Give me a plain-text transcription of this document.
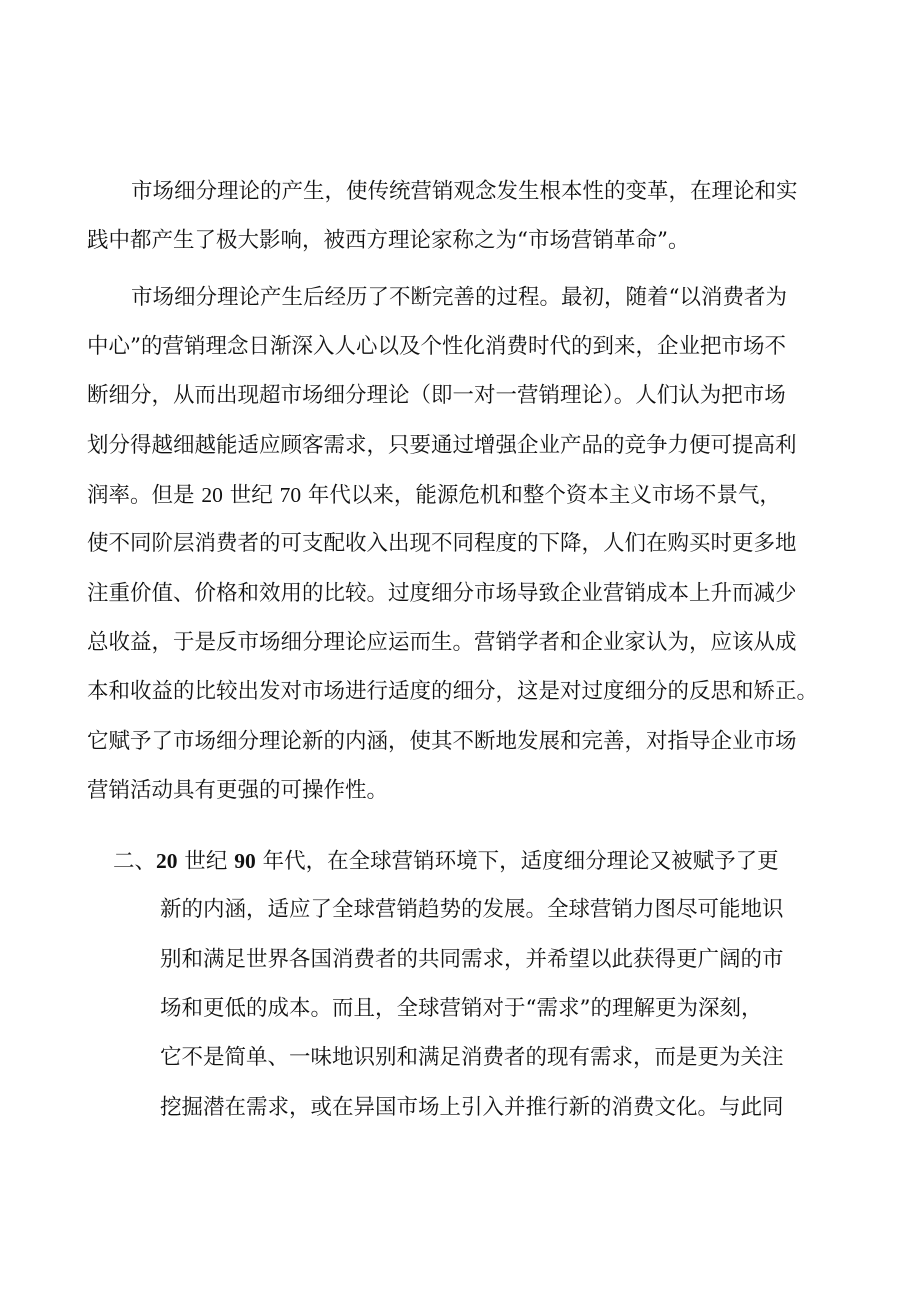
市场细分理论的产生，使传统营销观念发生根本性的变革，在理论和实
践中都产生了极大影响，被西方理论家称之为“市场营销革命”。
市场细分理论产生后经历了不断完善的过程。最初，随着“以消费者为
中心”的营销理念日渐深入人心以及个性化消费时代的到来，企业把市场不
断细分，从而出现超市场细分理论（即一对一营销理论）。人们认为把市场
划分得越细越能适应顾客需求，只要通过增强企业产品的竞争力便可提高利
润率。但是 20 世纪 70 年代以来，能源危机和整个资本主义市场不景气，
使不同阶层消费者的可支配收入出现不同程度的下降，人们在购买时更多地
注重价值、价格和效用的比较。过度细分市场导致企业营销成本上升而减少
总收益，于是反市场细分理论应运而生。营销学者和企业家认为，应该从成
本和收益的比较出发对市场进行适度的细分，这是对过度细分的反思和矫正。
它赋予了市场细分理论新的内涵，使其不断地发展和完善，对指导企业市场
营销活动具有更强的可操作性。
二、20 世纪 90 年代，在全球营销环境下，适度细分理论又被赋予了更
新的内涵，适应了全球营销趋势的发展。全球营销力图尽可能地识
别和满足世界各国消费者的共同需求，并希望以此获得更广阔的市
场和更低的成本。而且，全球营销对于“需求”的理解更为深刻，
它不是简单、一味地识别和满足消费者的现有需求，而是更为关注
挖掘潜在需求，或在异国市场上引入并推行新的消费文化。与此同
